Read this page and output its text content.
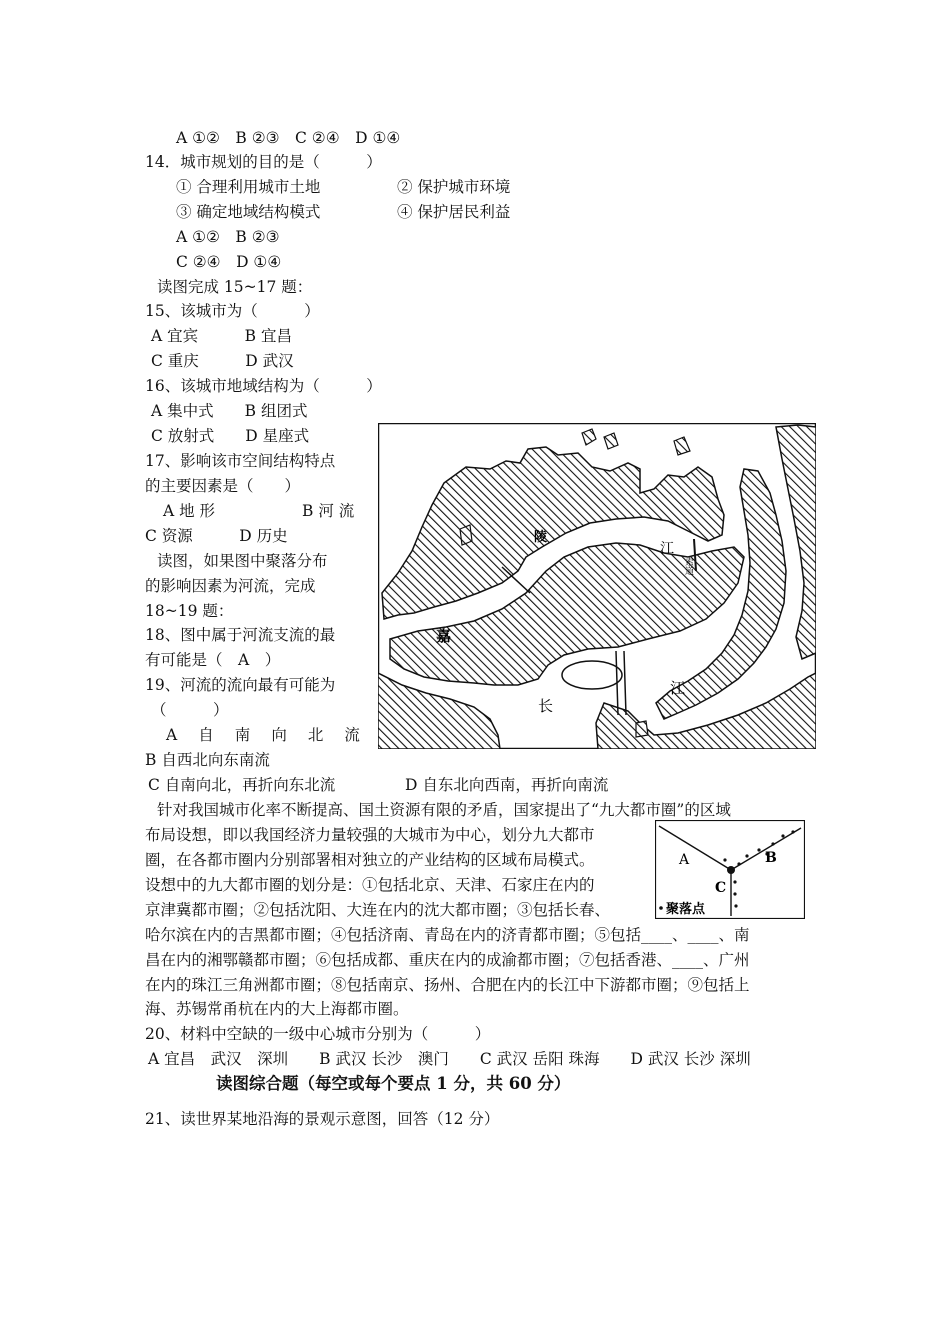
A ①②　B ②③　C ②④　D ①④
14．城市规划的目的是（　　　）
① 合理利用城市土地	② 保护城市环境
③ 确定地域结构模式	④ 保护居民利益
A ①②　B ②③
C ②④　D ①④
读图完成 15~17 题：
15、该城市为（　　　）
A 宜宾　　　B 宜昌
C 重庆　　　D 武汉
16、该城市地域结构为（　　　）
A 集中式　　B 组团式
C 放射式　　D 星座式
17、影响该市空间结构特点
的主要因素是（　　）
A 地 形	B 河 流
C 资源　　　D 历史
读图，如果图中聚落分布
的影响因素为河流，完成
18~19 题：
18、图中属于河流支流的最
有可能是（　A　）
19、河流的流向最有可能为
（　　　）
A 自 南 向 北 流
B 自西北向东南流
C 自南向北，再折向东北流	D 自东北向西南，再折向南流
针对我国城市化率不断提高、国土资源有限的矛盾，国家提出了“九大都市圈”的区域
布局设想，即以我国经济力量较强的大城市为中心，划分九大都市
圈，在各都市圈内分别部署相对独立的产业结构的区域布局模式。
设想中的九大都市圈的划分是：①包括北京、天津、石家庄在内的
京津冀都市圈；②包括沈阳、大连在内的沈大都市圈；③包括长春、
哈尔滨在内的吉黑都市圈；④包括济南、青岛在内的济青都市圈；⑤包括____、____、南
昌在内的湘鄂赣都市圈；⑥包括成都、重庆在内的成渝都市圈；⑦包括香港、____、广州
在内的珠江三角洲都市圈；⑧包括南京、扬州、合肥在内的长江中下游都市圈；⑨包括上
海、苏锡常甬杭在内的大上海都市圈。
20、材料中空缺的一级中心城市分别为（　　　）
A 宜昌　武汉　深圳　　B 武汉 长沙　澳门　　C 武汉 岳阳 珠海　　D 武汉 长沙 深圳
读图综合题（每空或每个要点 1 分，共 60 分）
21、读世界某地沿海的景观示意图，回答（12 分）
嘉
陵
江
索道
长
江
A	B
C
聚落点
